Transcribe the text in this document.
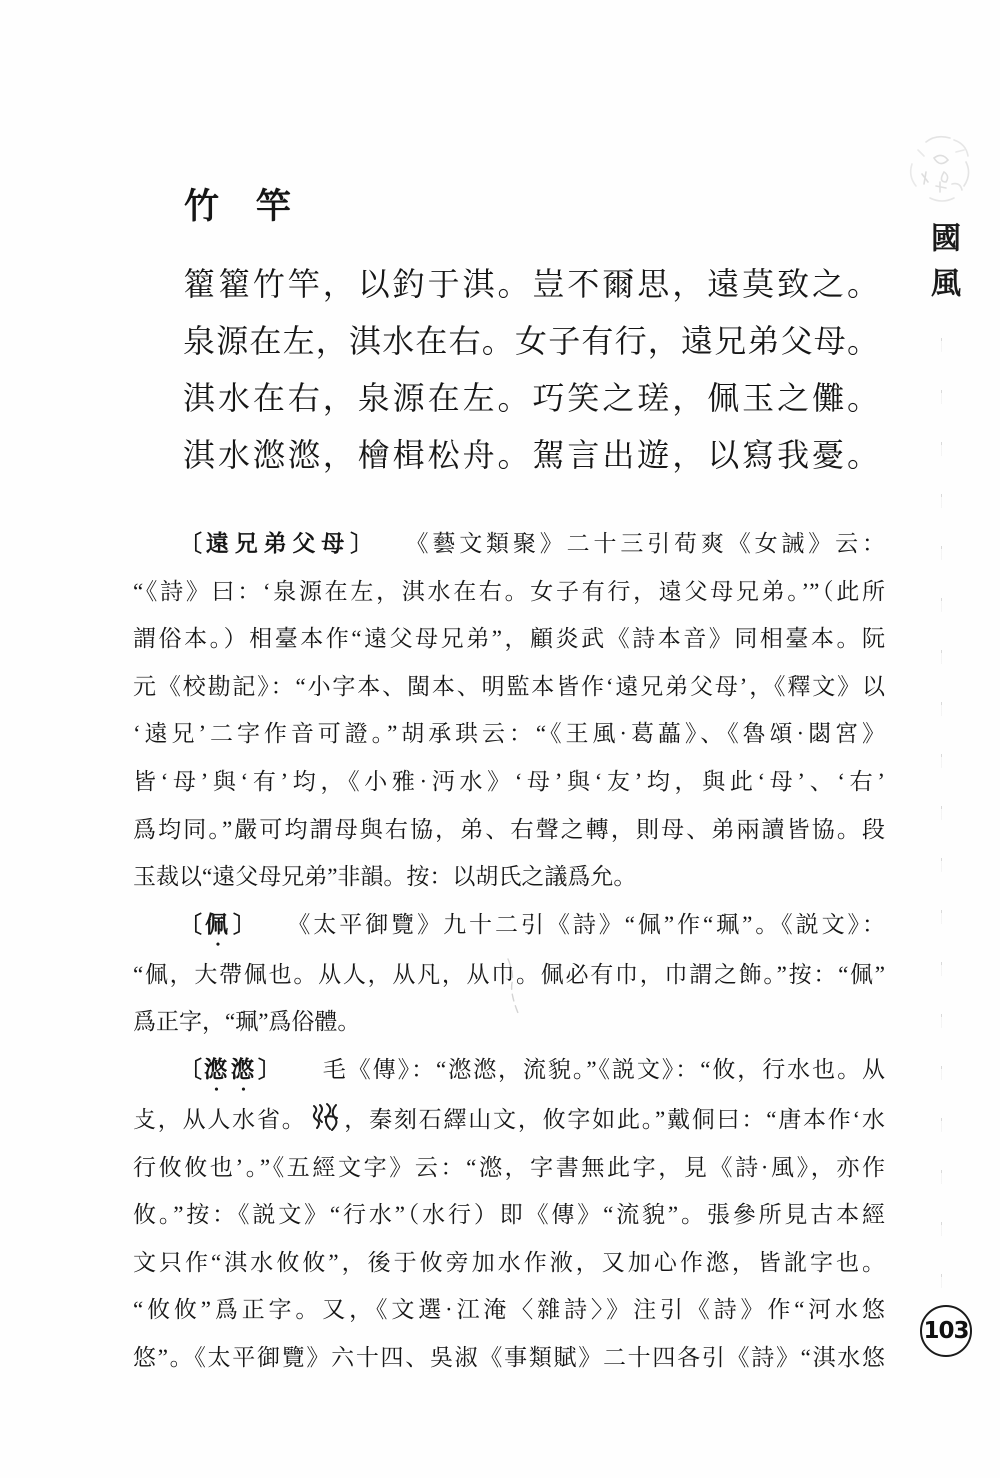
國風
103
竹　竿
籊籊竹竿，以釣于淇。豈不爾思，遠莫致之。
泉源在左，淇水在右。女子有行，遠兄弟父母。
淇水在右，泉源在左。巧笑之瑳，佩玉之儺。
淇水滺滺，檜楫松舟。駕言出遊，以寫我憂。
〔遠兄弟父母〕 《藝文類聚》二十三引荀爽《女誡》云：
“《詩》曰：‘泉源在左，淇水在右。女子有行，遠父母兄弟。’”（此所
謂俗本。）相臺本作“遠父母兄弟”，顧炎武《詩本音》同相臺本。阮
元《校勘記》：“小字本、閩本、明監本皆作‘遠兄弟父母’，《釋文》以
‘遠兄’二字作音可證。”胡承珙云：“《王風·葛藟》、《魯頌·閟宮》
皆‘母’與‘有’均，《小雅·沔水》‘母’與‘友’均，與此‘母’、‘右’
爲均同。”嚴可均謂母與右協，弟、右聲之轉，則母、弟兩讀皆協。段
玉裁以“遠父母兄弟”非韻。按：以胡氏之議爲允。
〔佩〕 《太平御覽》九十二引《詩》“佩”作“珮”。《説文》：
“佩，大帶佩也。从人，从凡，从巾。佩必有巾，巾謂之飾。”按：“佩”
爲正字，“珮”爲俗體。
〔滺滺〕 毛《傳》：“滺滺，流貌。”《説文》：“攸，行水也。从
攴，从人水省。 ，秦刻石繹山文，攸字如此。”戴侗曰：“唐本作‘水
行攸攸也’。”《五經文字》云：“滺，字書無此字，見《詩·風》，亦作
攸。”按：《説文》“行水”（水行）即《傳》“流貌”。張參所見古本經
文只作“淇水攸攸”，後于攸旁加水作浟，又加心作滺，皆訛字也。
“攸攸”爲正字。又，《文選·江淹〈雜詩〉》注引《詩》作“河水悠
悠”。《太平御覽》六十四、吳淑《事類賦》二十四各引《詩》“淇水悠
